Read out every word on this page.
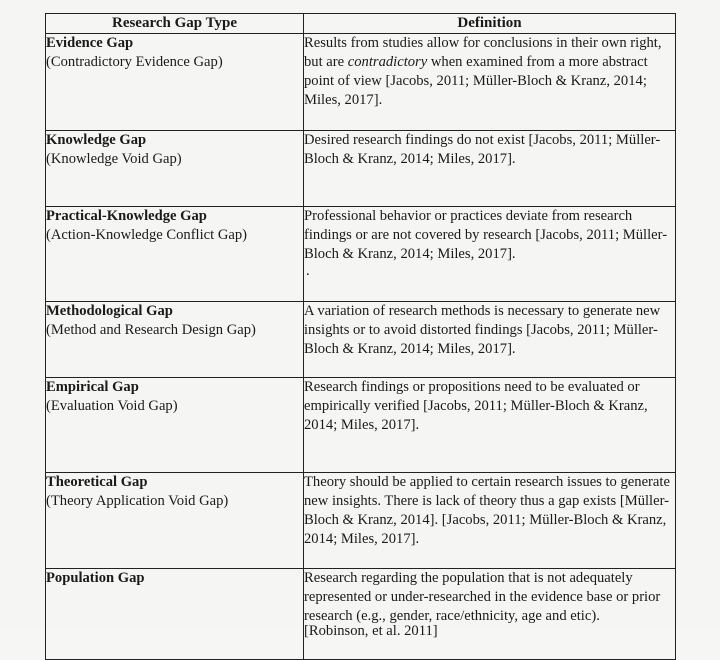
Research Gap Type	Definition

Evidence Gap
(Contradictory Evidence Gap)	Results from studies allow for conclusions in their own right, but are contradictory when examined from a more abstract point of view [Jacobs, 2011; Müller-Bloch & Kranz, 2014; Miles, 2017].

Knowledge Gap
(Knowledge Void Gap)	Desired research findings do not exist [Jacobs, 2011; Müller-Bloch & Kranz, 2014; Miles, 2017].

Practical-Knowledge Gap
(Action-Knowledge Conflict Gap)	Professional behavior or practices deviate from research findings or are not covered by research [Jacobs, 2011; Müller-Bloch & Kranz, 2014; Miles, 2017].
.

Methodological Gap
(Method and Research Design Gap)	A variation of research methods is necessary to generate new insights or to avoid distorted findings [Jacobs, 2011; Müller-Bloch & Kranz, 2014; Miles, 2017].

Empirical Gap
(Evaluation Void Gap)	Research findings or propositions need to be evaluated or empirically verified [Jacobs, 2011; Müller-Bloch & Kranz, 2014; Miles, 2017].

Theoretical Gap
(Theory Application Void Gap)	Theory should be applied to certain research issues to generate new insights. There is lack of theory thus a gap exists [Müller-Bloch & Kranz, 2014]. [Jacobs, 2011; Müller-Bloch & Kranz, 2014; Miles, 2017].

Population Gap	Research regarding the population that is not adequately represented or under-researched in the evidence base or prior research (e.g., gender, race/ethnicity, age and etic).
[Robinson, et al. 2011]
